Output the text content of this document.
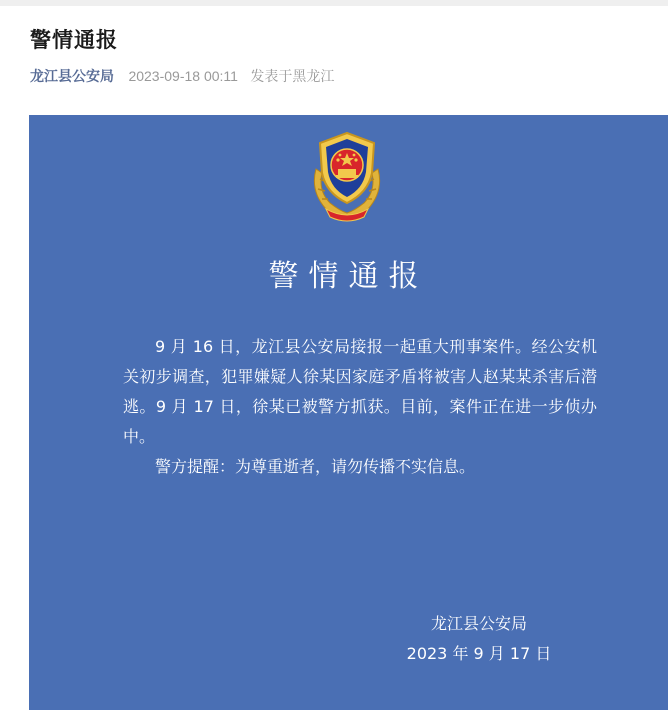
警情通报
龙江县公安局 2023-09-18 00:11 发表于黑龙江
警情通报

9 月 16 日，龙江县公安局接报一起重大刑事案件。经公安机关初步调查，犯罪嫌疑人徐某因家庭矛盾将被害人赵某某杀害后潜逃。9 月 17 日，徐某已被警方抓获。目前，案件正在进一步侦办中。

警方提醒：为尊重逝者，请勿传播不实信息。

龙江县公安局
2023 年 9 月 17 日
